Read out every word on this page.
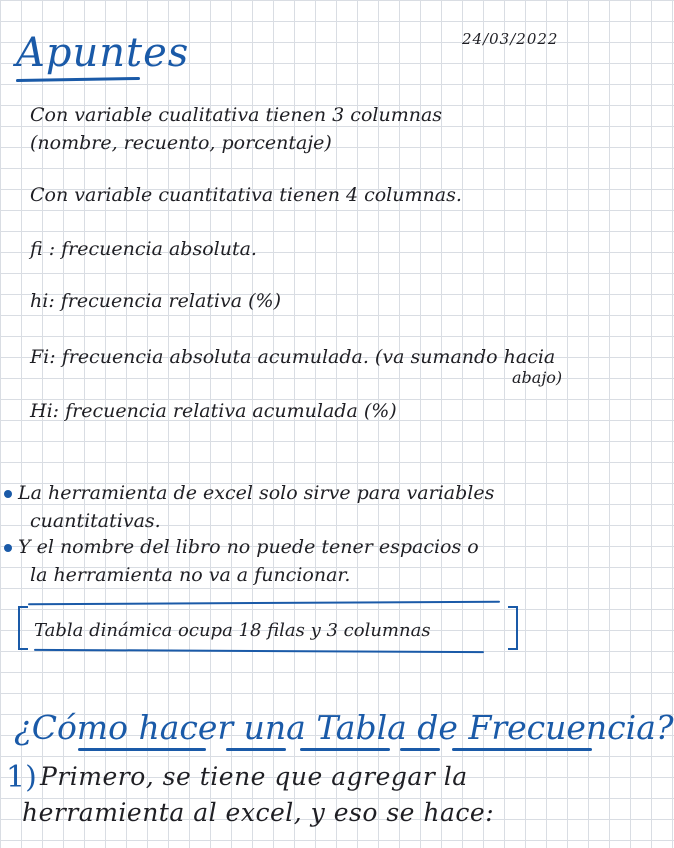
Apuntes	24/03/2022
Con variable cualitativa tienen 3 columnas
(nombre, recuento, porcentaje)
Con variable cuantitativa tienen 4 columnas.
fi : frecuencia absoluta.
hi: frecuencia relativa (%)
Fi: frecuencia absoluta acumulada. (va sumando hacia
abajo)
Hi: frecuencia relativa acumulada (%)
La herramienta de excel solo sirve para variables
cuantitativas.
Y el nombre del libro no puede tener espacios o
la herramienta no va a funcionar.
Tabla dinámica ocupa 18 filas y 3 columnas
¿Cómo hacer una Tabla de Frecuencia?
1) Primero, se tiene que agregar la
herramienta al excel, y eso se hace:
